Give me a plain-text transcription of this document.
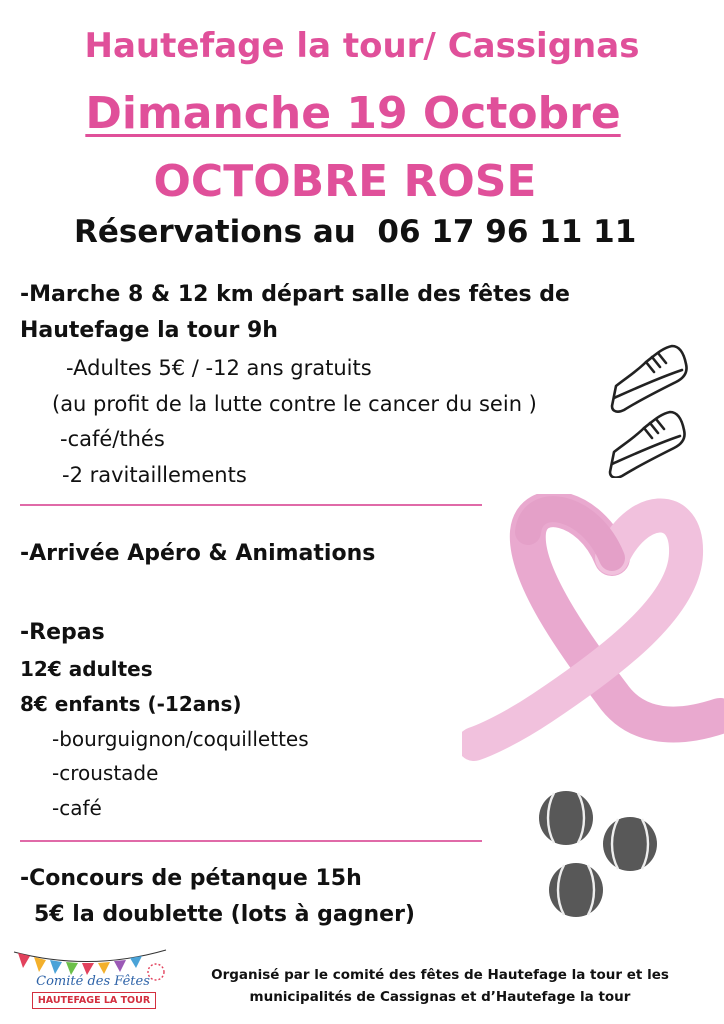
Hautefage la tour/ Cassignas
Dimanche 19 Octobre
OCTOBRE ROSE
Réservations au  06 17 96 11 11
-Marche 8 & 12 km départ salle des fêtes de
Hautefage la tour 9h
-Adultes 5€ / -12 ans gratuits
(au profit de la lutte contre le cancer du sein )
-café/thés
-2 ravitaillements
-Arrivée Apéro & Animations
-Repas
12€ adultes
8€ enfants (-12ans)
-bourguignon/coquillettes
-croustade
-café
-Concours de pétanque 15h
5€ la doublette (lots à gagner)
Comité des Fêtes
HAUTEFAGE LA TOUR
Organisé par le comité des fêtes de Hautefage la tour et les
municipalités de Cassignas et d’Hautefage la tour
